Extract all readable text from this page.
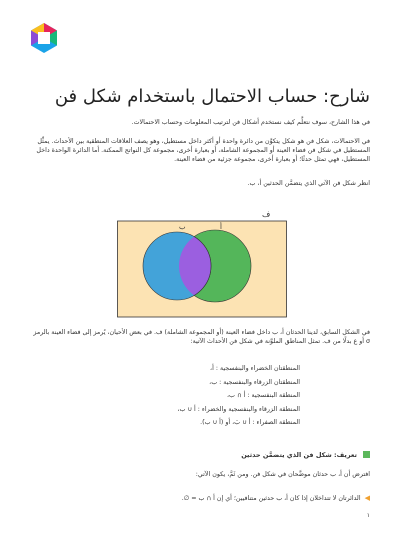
شارح: حساب الاحتمال باستخدام شكل فن

في هذا الشارح، سوف نتعلَّم كيف نستخدم أشكال فن لترتيب المعلومات وحساب الاحتمالات.

في الاحتمالات، شكل فن هو شكل يتكوَّن من دائرة واحدة أو أكثر داخل مستطيل، وهو يصف العلاقات المنطقية بين الأحداث. يمثِّل المستطيل في شكل فن فضاء العينة أو المجموعة الشاملة، أو بعبارة أخرى، مجموعة كل النواتج الممكنة. أما الدائرة الواحدة داخل المستطيل، فهي تمثل حدثًا؛ أو بعبارة أخرى، مجموعة جزئية من فضاء العينة.

انظر شكل فن الآتي الذي يتضمَّن الحدثين أ، ب.

ف
ب	أ

في الشكل السابق، لدينا الحدثان أ، ب داخل فضاء العينة (أو المجموعة الشاملة) ف. في بعض الأحيان، يُرمز إلى فضاء العينة بالرمز σ أو ع بدلًا من ف. تمثل المناطق الملوَّنة في شكل فن الأحداث الآتية:

المنطقتان الخضراء والبنفسجية : أ،
المنطقتان الزرقاء والبنفسجية : ب،
المنطقة البنفسجية : أ ∩ ب،
المنطقة الزرقاء والبنفسجية والخضراء : أ ∪ ب،
المنطقة الصفراء : أ ∪ بَ، أو (أ ∪ ب)َ.
تعريف: شكل فن الذي يتضمَّن حدثين

افترض أن أ، ب حدثان موضَّحان في شكل فن. ومن ثَمَّ، يكون الآتي:

◀الدائرتان لا تتداخلان إذا كان أ، ب حدثين متنافيين؛ أي إن أ ∩ ب = ∅.

١
